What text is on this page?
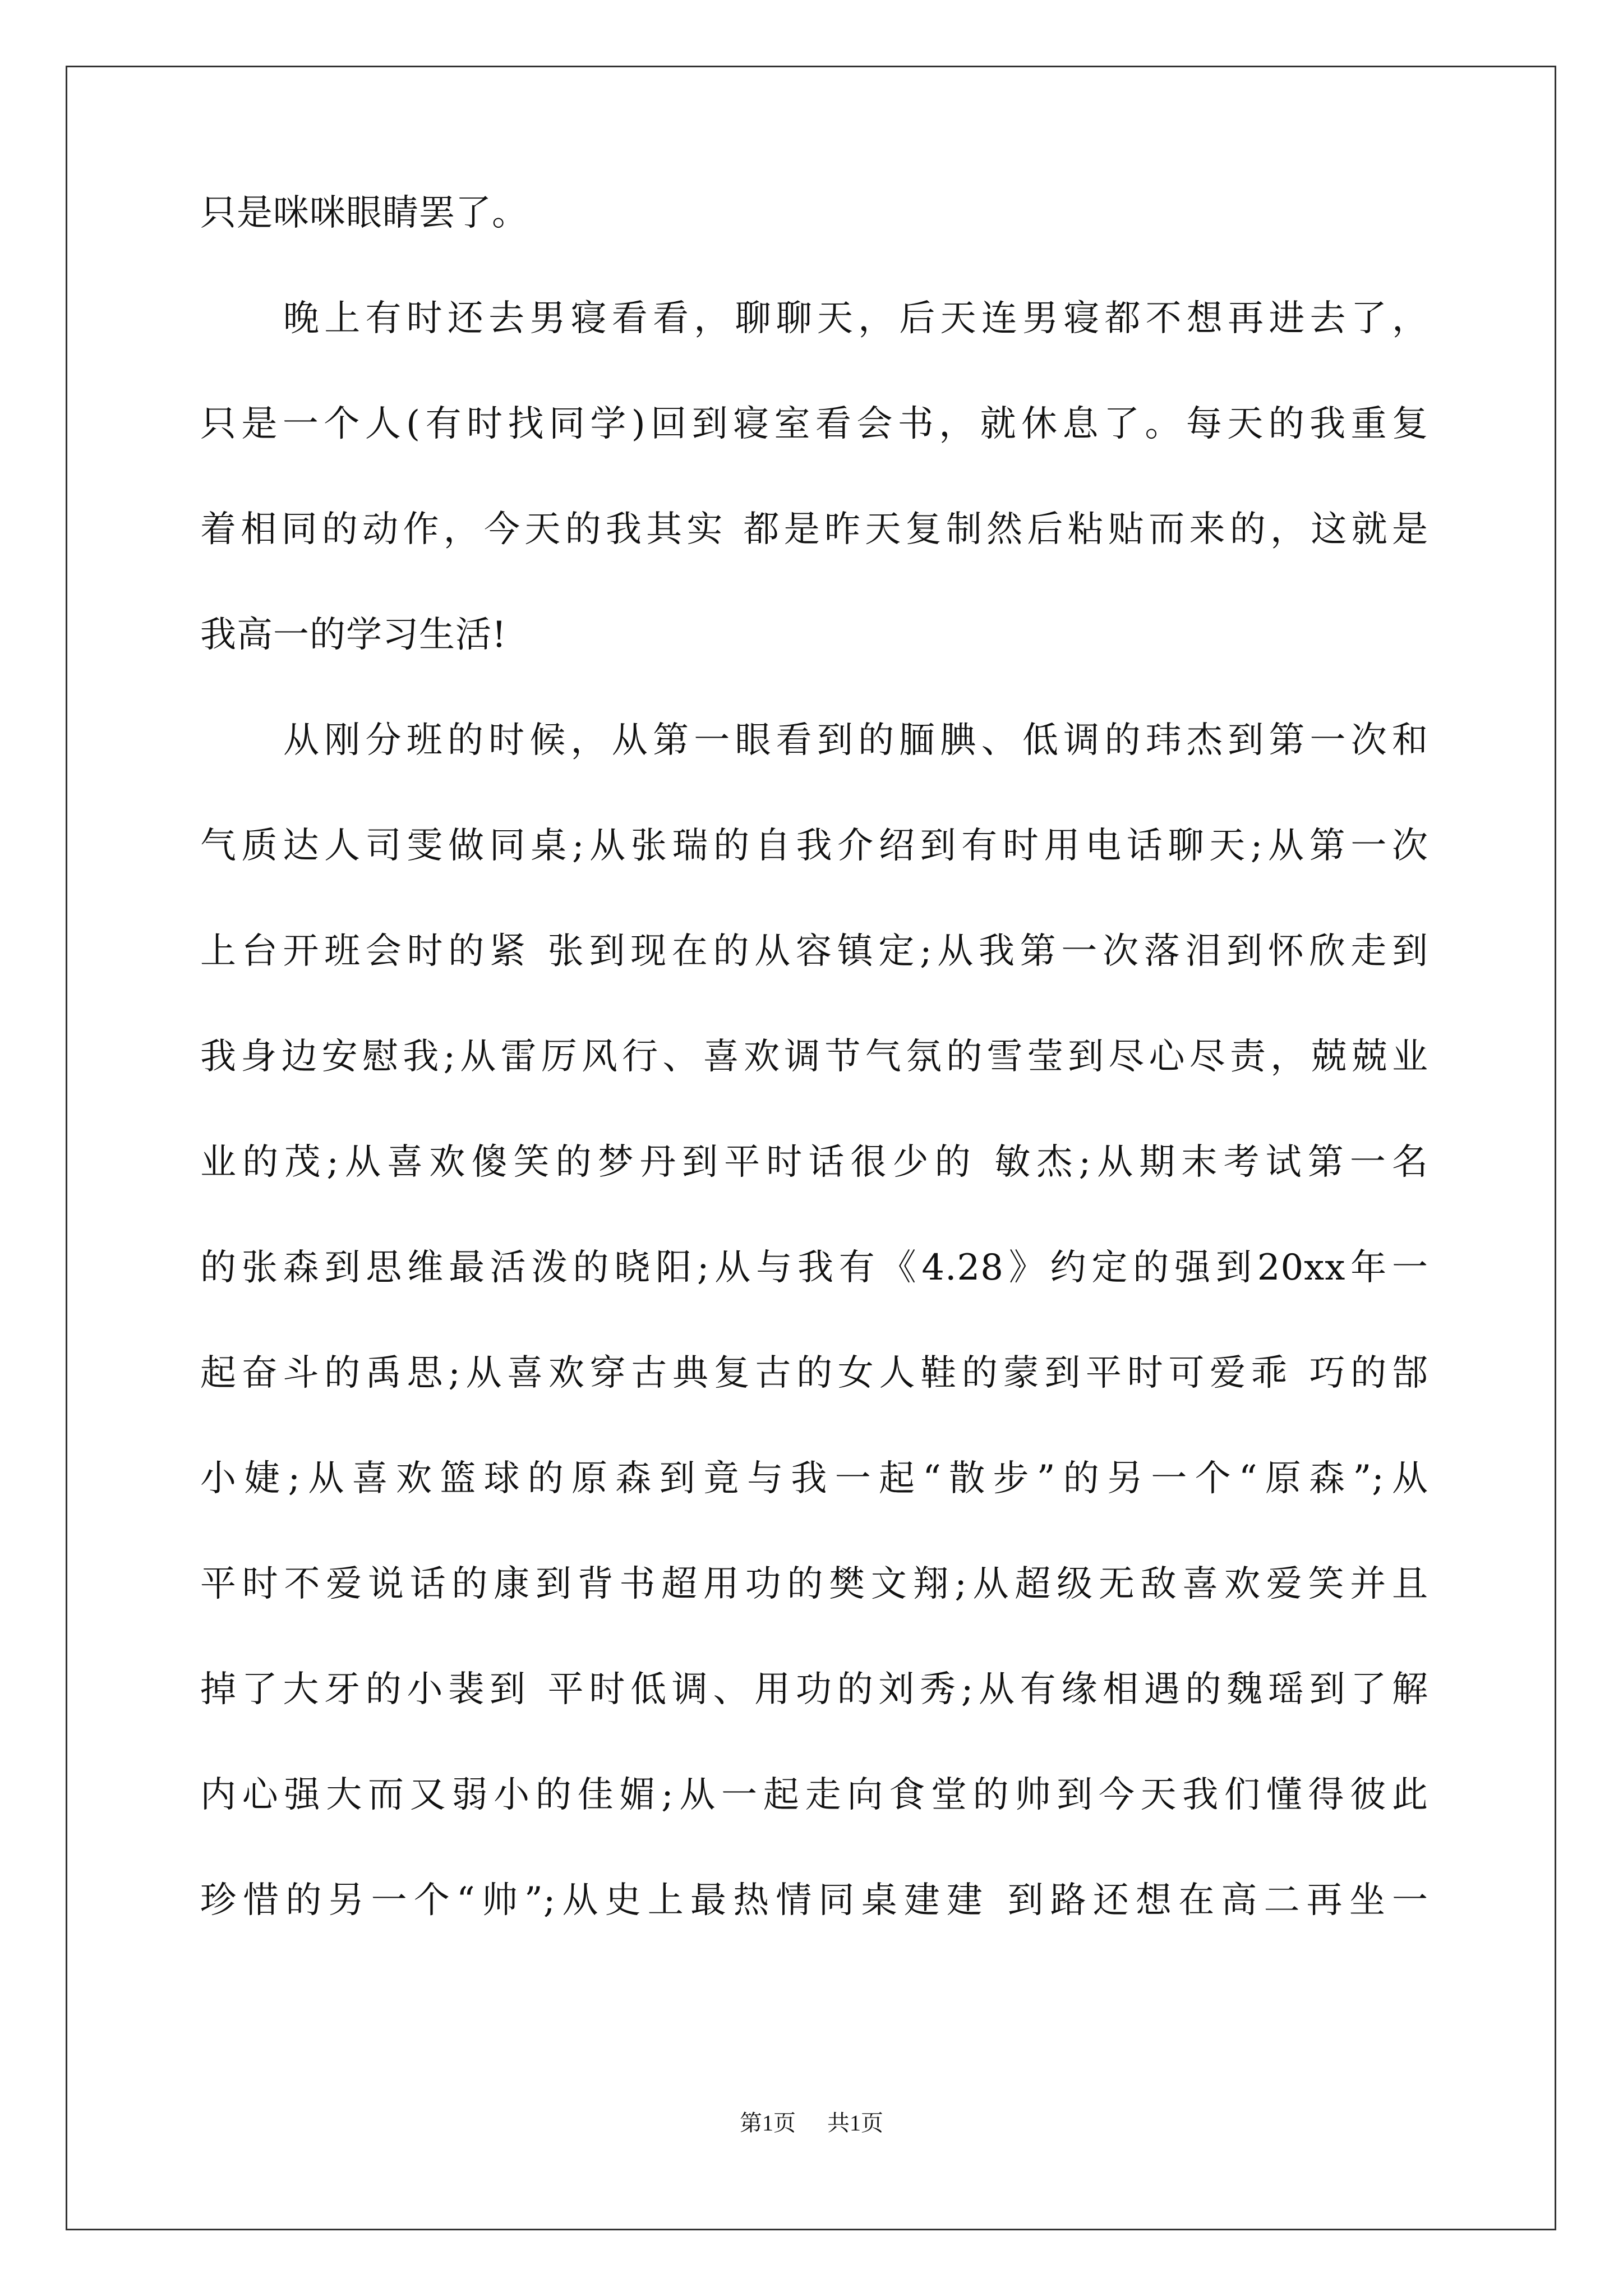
只是咪咪眼睛罢了。
晚上有时还去男寝看看，聊聊天，后天连男寝都不想再进去了，
只是一个人(有时找同学)回到寝室看会书，就休息了。每天的我重复
着相同的动作，今天的我其实 都是昨天复制然后粘贴而来的，这就是
我高一的学习生活!
从刚分班的时候，从第一眼看到的腼腆、低调的玮杰到第一次和
气质达人司雯做同桌;从张瑞的自我介绍到有时用电话聊天;从第一次
上台开班会时的紧 张到现在的从容镇定;从我第一次落泪到怀欣走到
我身边安慰我;从雷厉风行、喜欢调节气氛的雪莹到尽心尽责，兢兢业
业的茂;从喜欢傻笑的梦丹到平时话很少的 敏杰;从期末考试第一名
的张森到思维最活泼的晓阳;从与我有《4.28》约定的强到20xx年一
起奋斗的禹思;从喜欢穿古典复古的女人鞋的蒙到平时可爱乖 巧的郜
小婕;从喜欢篮球的原森到竟与我一起“散步”的另一个“原森”;从
平时不爱说话的康到背书超用功的樊文翔;从超级无敌喜欢爱笑并且
掉了大牙的小裴到 平时低调、用功的刘秀;从有缘相遇的魏瑶到了解
内心强大而又弱小的佳媚;从一起走向食堂的帅到今天我们懂得彼此
珍惜的另一个“帅”;从史上最热情同桌建建 到路还想在高二再坐一
第1页 共1页
